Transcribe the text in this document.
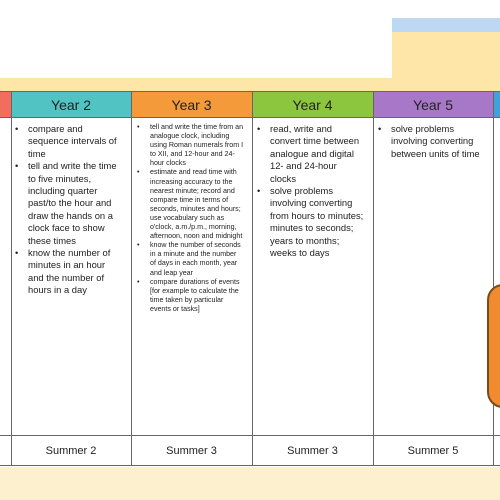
Year 2
• compare and sequence intervals of time
• tell and write the time to five minutes, including quarter past/to the hour and draw the hands on a clock face to show these times
• know the number of minutes in an hour and the number of hours in a day
Summer 2
Year 3
• tell and write the time from an analogue clock, including using Roman numerals from I to XII, and 12-hour and 24-hour clocks
• estimate and read time with increasing accuracy to the nearest minute; record and compare time in terms of seconds, minutes and hours; use vocabulary such as o'clock, a.m./p.m., morning, afternoon, noon and midnight
• know the number of seconds in a minute and the number of days in each month, year and leap year
• compare durations of events [for example to calculate the time taken by particular events or tasks]
Summer 3
Year 4
• read, write and convert time between analogue and digital 12- and 24-hour clocks
• solve problems involving converting from hours to minutes; minutes to seconds; years to months; weeks to days
Summer 3
Year 5
• solve problems involving converting between units of time
Summer 5
